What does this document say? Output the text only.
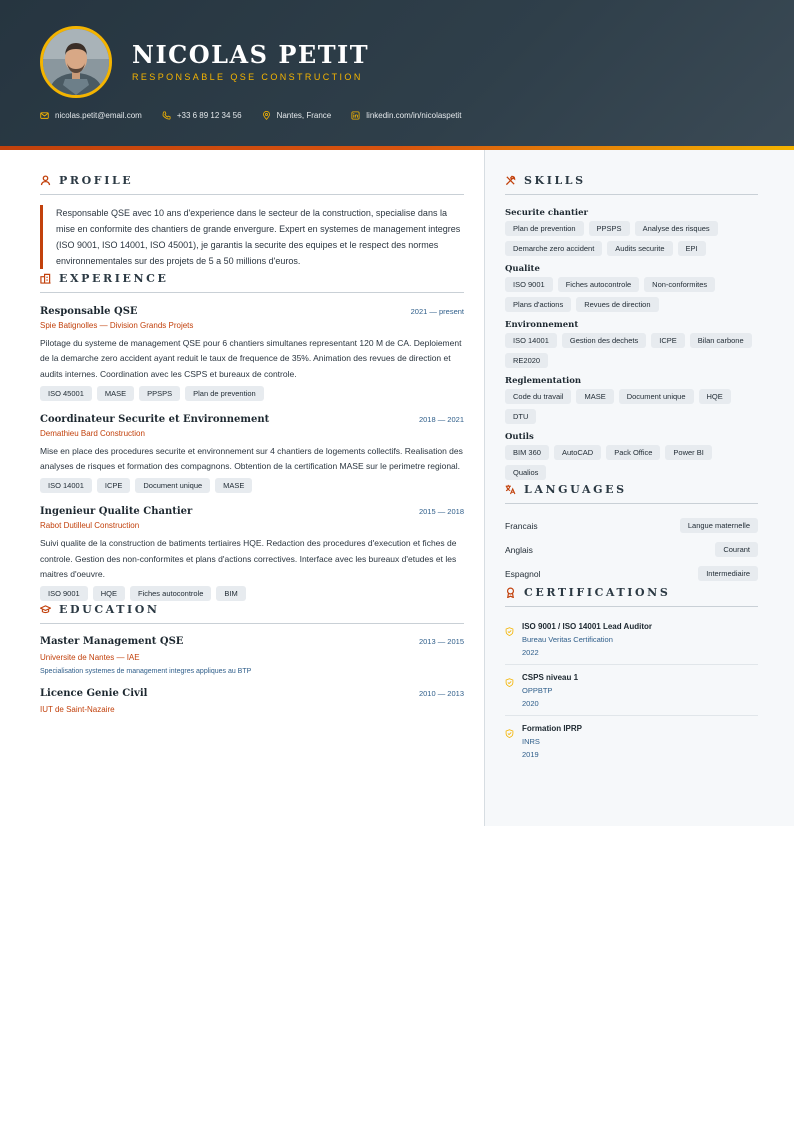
NICOLAS PETIT
RESPONSABLE QSE CONSTRUCTION
nicolas.petit@email.com	+33 6 89 12 34 56	Nantes, France	linkedin.com/in/nicolaspetit
PROFILE
Responsable QSE avec 10 ans d'experience dans le secteur de la construction, specialise dans la mise en conformite des chantiers de grande envergure. Expert en systemes de management integres (ISO 9001, ISO 14001, ISO 45001), je garantis la securite des equipes et le respect des normes environnementales sur des projets de 5 a 50 millions d'euros.
EXPERIENCE
Responsable QSE	2021 — present
Spie Batignolles — Division Grands Projets
Pilotage du systeme de management QSE pour 6 chantiers simultanes representant 120 M de CA. Deploiement de la demarche zero accident ayant reduit le taux de frequence de 35%. Animation des revues de direction et audits internes. Coordination avec les CSPS et bureaux de controle.
ISO 45001	MASE	PPSPS	Plan de prevention
Coordinateur Securite et Environnement	2018 — 2021
Demathieu Bard Construction
Mise en place des procedures securite et environnement sur 4 chantiers de logements collectifs. Realisation des analyses de risques et formation des compagnons. Obtention de la certification MASE sur le perimetre regional.
ISO 14001	ICPE	Document unique	MASE
Ingenieur Qualite Chantier	2015 — 2018
Rabot Dutilleul Construction
Suivi qualite de la construction de batiments tertiaires HQE. Redaction des procedures d'execution et fiches de controle. Gestion des non-conformites et plans d'actions correctives. Interface avec les bureaux d'etudes et les maitres d'oeuvre.
ISO 9001	HQE	Fiches autocontrole	BIM
EDUCATION
Master Management QSE	2013 — 2015
Universite de Nantes — IAE
Specialisation systemes de management integres appliques au BTP
Licence Genie Civil	2010 — 2013
IUT de Saint-Nazaire
SKILLS
Securite chantier
Plan de prevention	PPSPS	Analyse des risques
Demarche zero accident	Audits securite	EPI
Qualite
ISO 9001	Fiches autocontrole	Non-conformites
Plans d'actions	Revues de direction
Environnement
ISO 14001	Gestion des dechets	ICPE	Bilan carbone
RE2020
Reglementation
Code du travail	MASE	Document unique	HQE
DTU
Outils
BIM 360	AutoCAD	Pack Office	Power BI
Qualios
LANGUAGES
Francais	Langue maternelle
Anglais	Courant
Espagnol	Intermediaire
CERTIFICATIONS
ISO 9001 / ISO 14001 Lead Auditor
Bureau Veritas Certification
2022
CSPS niveau 1
OPPBTP
2020
Formation IPRP
INRS
2019
